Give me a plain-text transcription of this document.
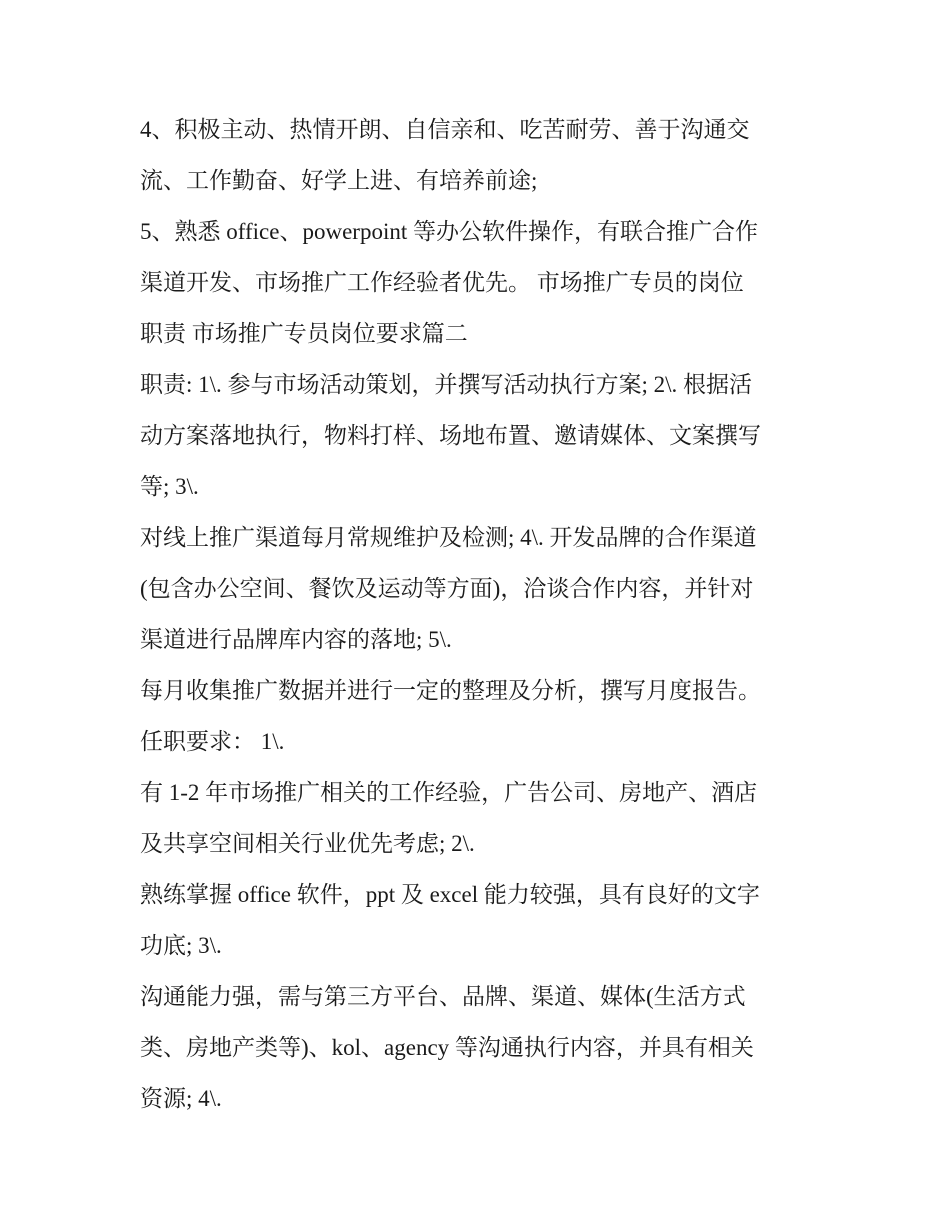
4、积极主动、热情开朗、自信亲和、吃苦耐劳、善于沟通交
流、工作勤奋、好学上进、有培养前途;

5、熟悉 office、powerpoint 等办公软件操作，有联合推广合作
渠道开发、市场推广工作经验者优先。 市场推广专员的岗位
职责 市场推广专员岗位要求篇二

职责: 1\. 参与市场活动策划，并撰写活动执行方案; 2\. 根据活
动方案落地执行，物料打样、场地布置、邀请媒体、文案撰写
等; 3\.

对线上推广渠道每月常规维护及检测; 4\. 开发品牌的合作渠道
(包含办公空间、餐饮及运动等方面)，洽谈合作内容，并针对
渠道进行品牌库内容的落地; 5\.

每月收集推广数据并进行一定的整理及分析，撰写月度报告。
任职要求： 1\.

有 1-2 年市场推广相关的工作经验，广告公司、房地产、酒店
及共享空间相关行业优先考虑; 2\.

熟练掌握 office 软件，ppt 及 excel 能力较强，具有良好的文字
功底; 3\.

沟通能力强，需与第三方平台、品牌、渠道、媒体(生活方式
类、房地产类等)、kol、agency 等沟通执行内容，并具有相关
资源; 4\.
